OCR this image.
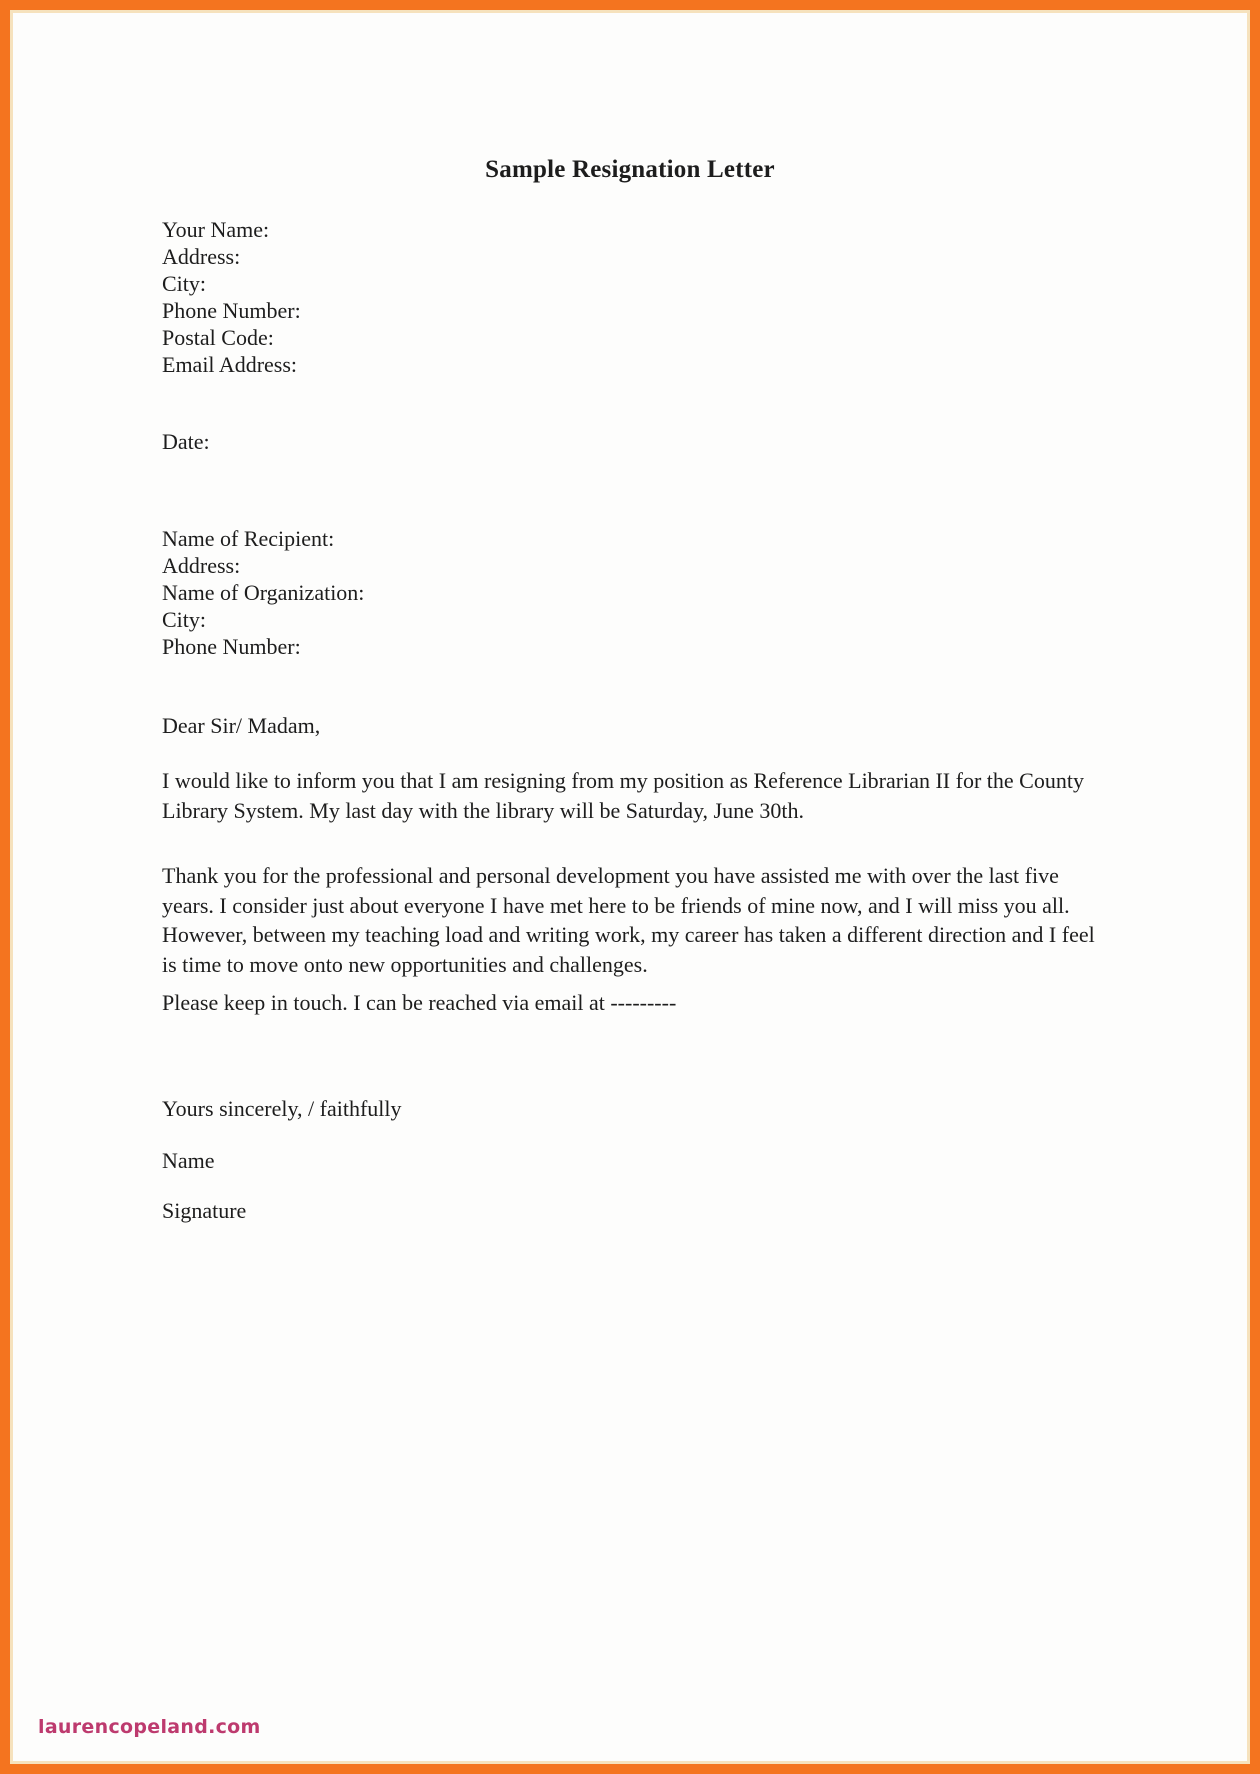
Sample Resignation Letter
Your Name:
Address:
City:
Phone Number:
Postal Code:
Email Address:
Date:
Name of Recipient:
Address:
Name of Organization:
City:
Phone Number:
Dear Sir/ Madam,

I would like to inform you that I am resigning from my position as Reference Librarian II for the County Library System. My last day with the library will be Saturday, June 30th.

Thank you for the professional and personal development you have assisted me with over the last five years. I consider just about everyone I have met here to be friends of mine now, and I will miss you all. However, between my teaching load and writing work, my career has taken a different direction and I feel is time to move onto new opportunities and challenges.

Please keep in touch. I can be reached via email at ---------

Yours sincerely, / faithfully
Name
Signature
laurencopeland.com
